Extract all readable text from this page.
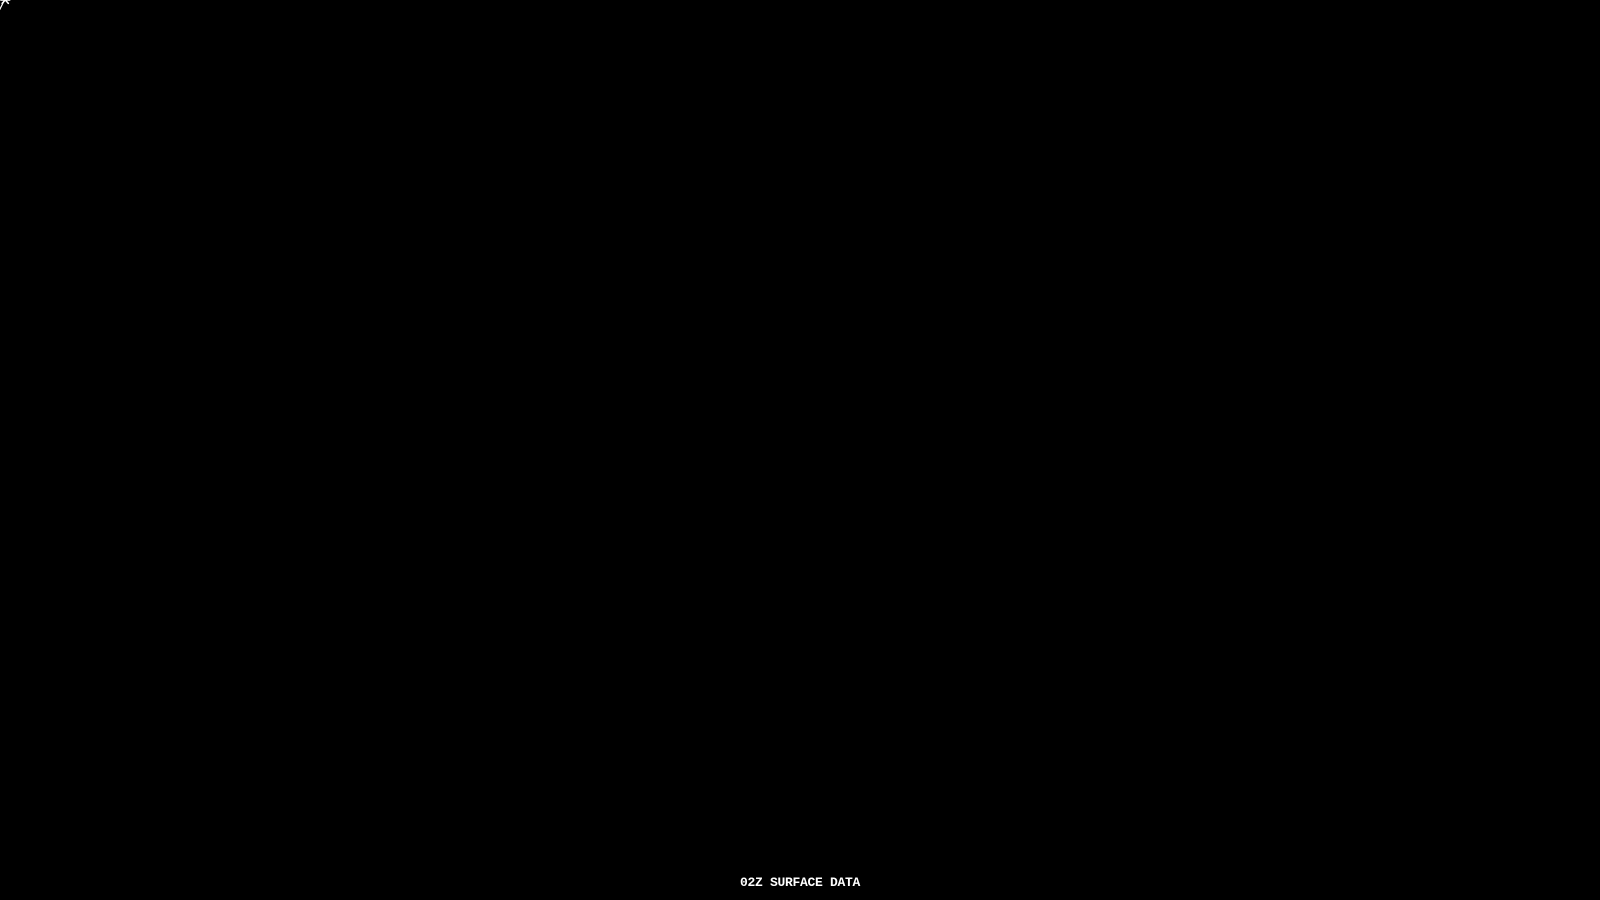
02Z SURFACE DATA
